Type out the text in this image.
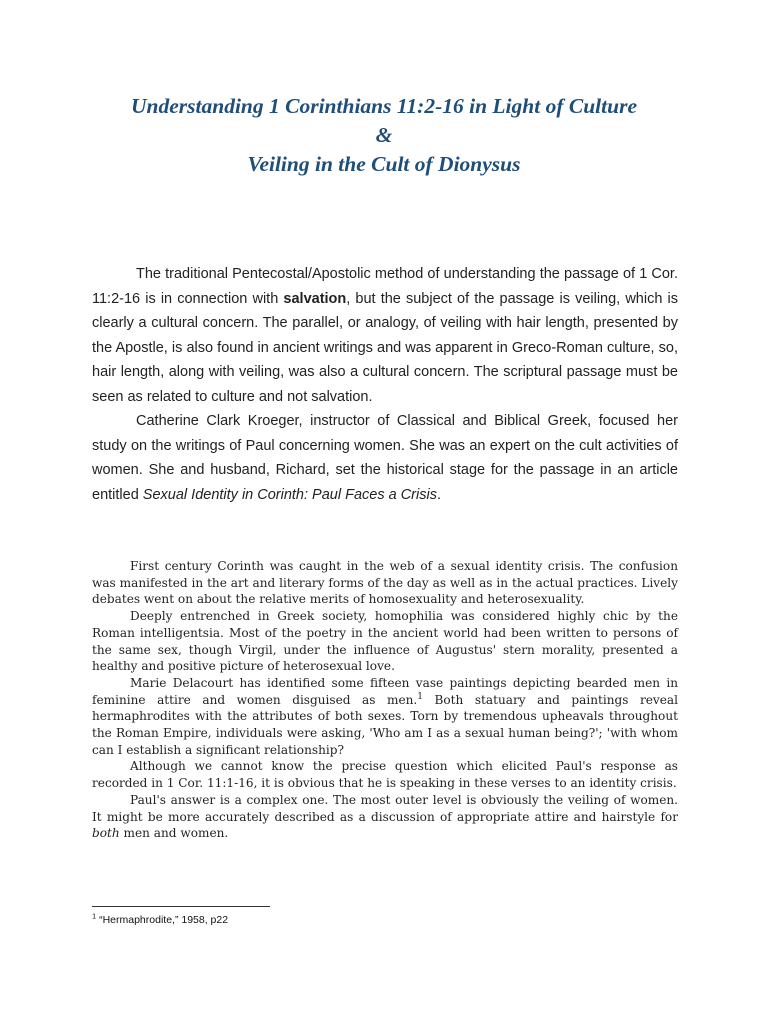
Understanding 1 Corinthians 11:2-16 in Light of Culture
&
Veiling in the Cult of Dionysus

The traditional Pentecostal/Apostolic method of understanding the passage of 1 Cor. 11:2-16 is in connection with salvation, but the subject of the passage is veiling, which is clearly a cultural concern. The parallel, or analogy, of veiling with hair length, presented by the Apostle, is also found in ancient writings and was apparent in Greco-Roman culture, so, hair length, along with veiling, was also a cultural concern. The scriptural passage must be seen as related to culture and not salvation.

Catherine Clark Kroeger, instructor of Classical and Biblical Greek, focused her study on the writings of Paul concerning women. She was an expert on the cult activities of women. She and husband, Richard, set the historical stage for the passage in an article entitled Sexual Identity in Corinth: Paul Faces a Crisis.

First century Corinth was caught in the web of a sexual identity crisis. The confusion was manifested in the art and literary forms of the day as well as in the actual practices. Lively debates went on about the relative merits of homosexuality and heterosexuality.

Deeply entrenched in Greek society, homophilia was considered highly chic by the Roman intelligentsia. Most of the poetry in the ancient world had been written to persons of the same sex, though Virgil, under the influence of Augustus' stern morality, presented a healthy and positive picture of heterosexual love.

Marie Delacourt has identified some fifteen vase paintings depicting bearded men in feminine attire and women disguised as men.$^1$ Both statuary and paintings reveal hermaphrodites with the attributes of both sexes. Torn by tremendous upheavals throughout the Roman Empire, individuals were asking, 'Who am I as a sexual human being?'; 'with whom can I establish a significant relationship?

Although we cannot know the precise question which elicited Paul's response as recorded in 1 Cor. 11:1-16, it is obvious that he is speaking in these verses to an identity crisis.

Paul's answer is a complex one. The most outer level is obviously the veiling of women. It might be more accurately described as a discussion of appropriate attire and hairstyle for both men and women.

$^1$ “Hermaphrodite,” 1958, p22
